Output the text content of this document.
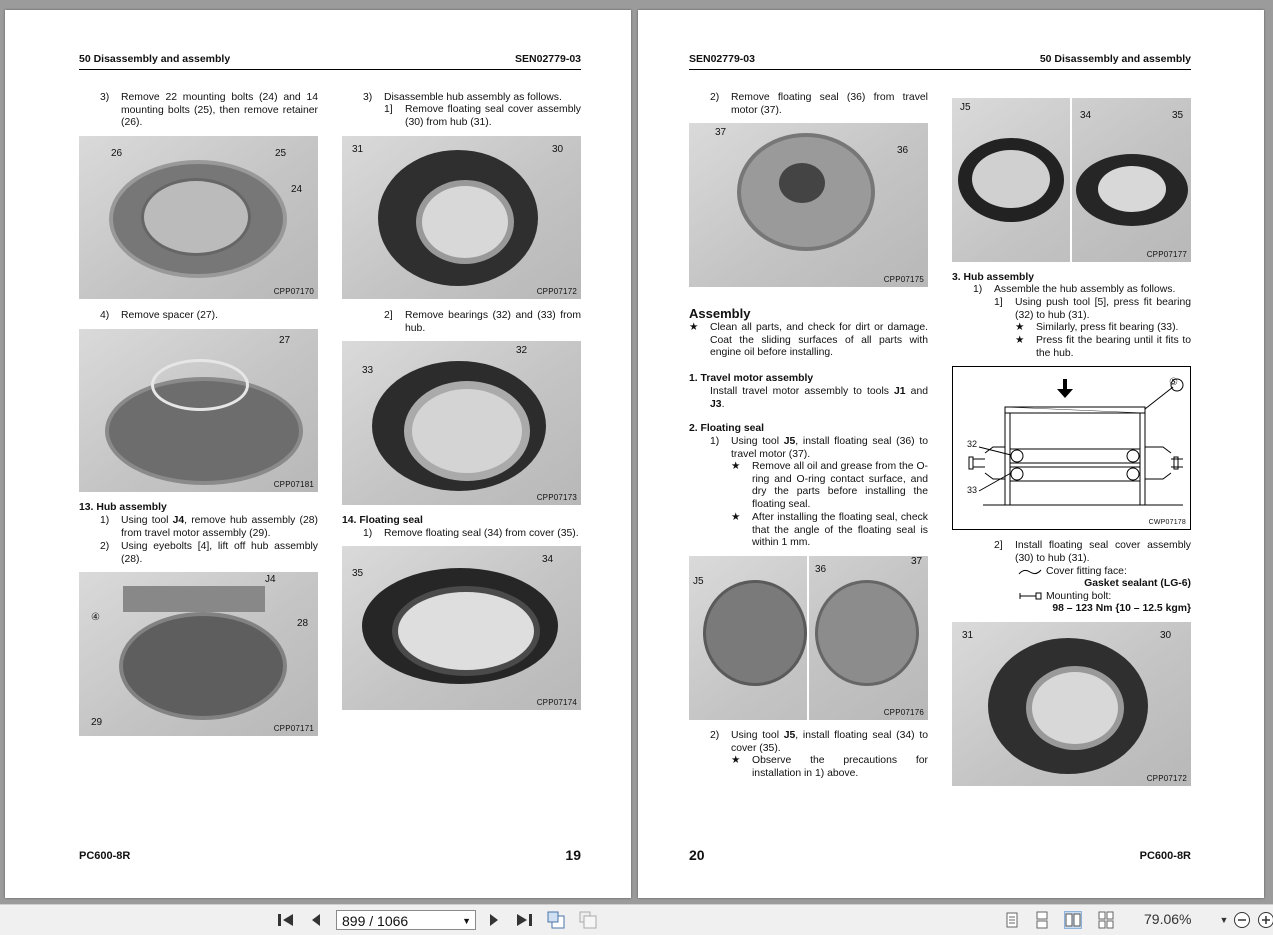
50 Disassembly and assembly	SEN02779-03
3) Remove 22 mounting bolts (24) and 14 mounting bolts (25), then remove retainer (26).
26	25
24
CPP07170
4) Remove spacer (27).
27
CPP07181
13. Hub assembly
1) Using tool J4, remove hub assembly (28) from travel motor assembly (29).
2) Using eyebolts [4], lift off hub assembly (28).
J4
④
28
29
CPP07171
3) Disassemble hub assembly as follows.
1] Remove floating seal cover assembly (30) from hub (31).
31	30
CPP07172
2] Remove bearings (32) and (33) from hub.
32
33
CPP07173
14. Floating seal
1) Remove floating seal (34) from cover (35).
35
34
CPP07174
PC600-8R	19
SEN02779-03	50 Disassembly and assembly
2) Remove floating seal (36) from travel motor (37).
37
36
CPP07175
Assembly
★ Clean all parts, and check for dirt or damage. Coat the sliding surfaces of all parts with engine oil before installing.
1. Travel motor assembly
Install travel motor assembly to tools J1 and J3.
2. Floating seal
1) Using tool J5, install floating seal (36) to travel motor (37).
★ Remove all oil and grease from the O-ring and O-ring contact surface, and dry the parts before installing the floating seal.
★ After installing the floating seal, check that the angle of the floating seal is within 1 mm.
J5
36
37
CPP07176
2) Using tool J5, install floating seal (34) to cover (35).
★ Observe the precautions for installation in 1) above.
J5
34	35
CPP07177
3. Hub assembly
1) Assemble the hub assembly as follows.
1] Using push tool [5], press fit bearing (32) to hub (31).
★ Similarly, press fit bearing (33).
★ Press fit the bearing until it fits to the hub.
32
33
⑤
CWP07178
2] Install floating seal cover assembly (30) to hub (31).
Cover fitting face:
Gasket sealant (LG-6)
Mounting bolt:
98 – 123 Nm {10 – 12.5 kgm}
31	30
CPP07172
20	PC600-8R
899 / 1066	▼	79.06%	▼
